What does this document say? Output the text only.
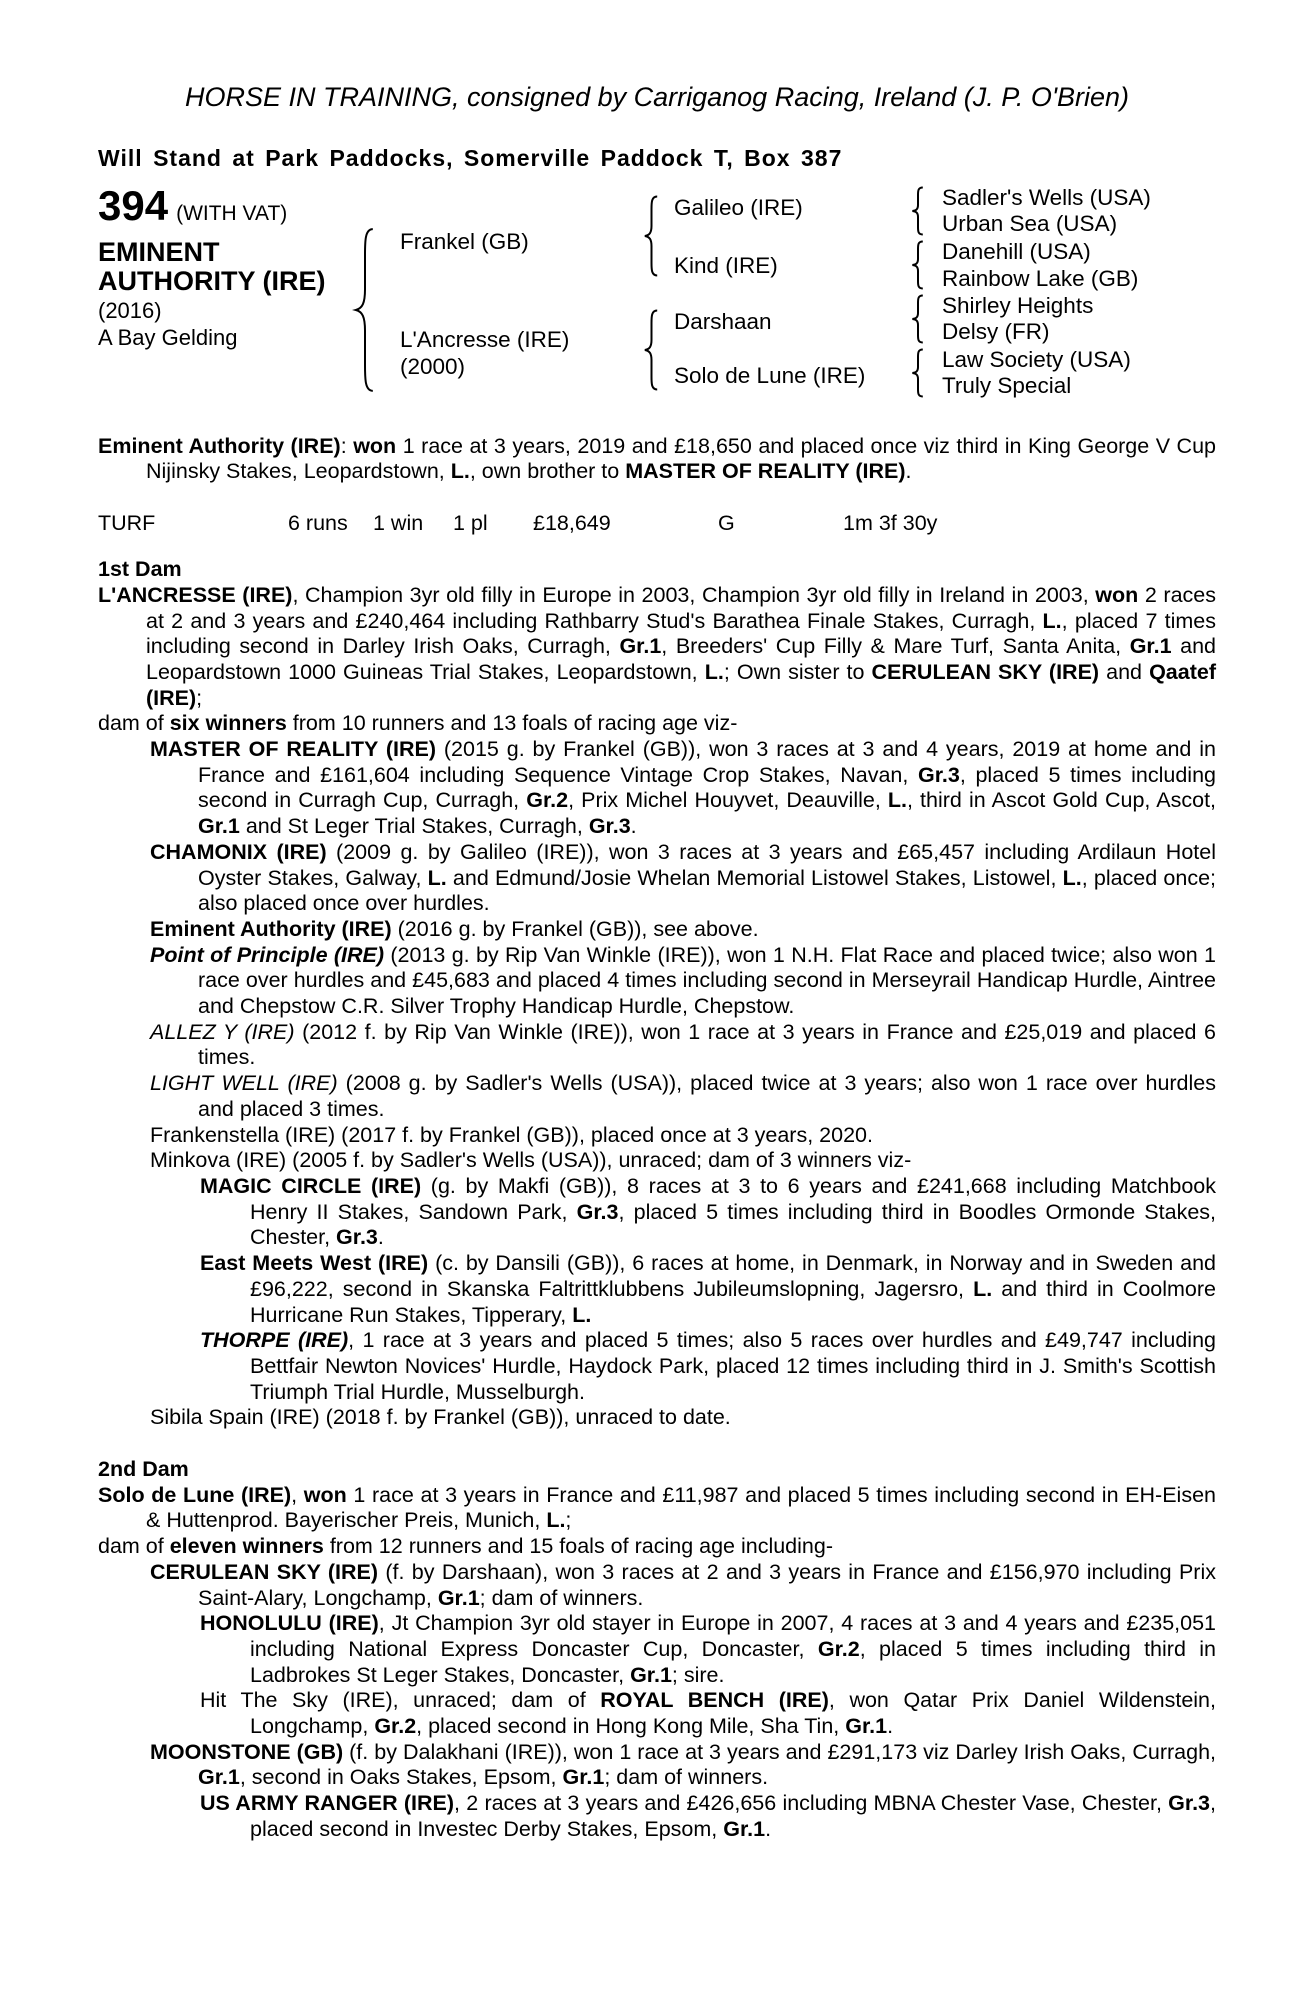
HORSE IN TRAINING, consigned by Carriganog Racing, Ireland (J. P. O'Brien)
Will Stand at Park Paddocks, Somerville Paddock T, Box 387
394 (WITH VAT)
EMINENT
AUTHORITY (IRE)
(2016)
A Bay Gelding
Frankel (GB)
L'Ancresse (IRE)
(2000)
Galileo (IRE)
Kind (IRE)
Darshaan
Solo de Lune (IRE)
Sadler's Wells (USA)
Urban Sea (USA)
Danehill (USA)
Rainbow Lake (GB)
Shirley Heights
Delsy (FR)
Law Society (USA)
Truly Special
Eminent Authority (IRE): won 1 race at 3 years, 2019 and £18,650 and placed once viz third in King George V Cup Nijinsky Stakes, Leopardstown, L., own brother to MASTER OF REALITY (IRE).
TURF	6 runs 1 win 1 pl £18,649	G	1m 3f 30y
1st Dam
L'ANCRESSE (IRE), Champion 3yr old filly in Europe in 2003, Champion 3yr old filly in Ireland in 2003, won 2 races at 2 and 3 years and £240,464 including Rathbarry Stud's Barathea Finale Stakes, Curragh, L., placed 7 times including second in Darley Irish Oaks, Curragh, Gr.1, Breeders' Cup Filly & Mare Turf, Santa Anita, Gr.1 and Leopardstown 1000 Guineas Trial Stakes, Leopardstown, L.; Own sister to CERULEAN SKY (IRE) and Qaatef (IRE);
dam of six winners from 10 runners and 13 foals of racing age viz-
MASTER OF REALITY (IRE) (2015 g. by Frankel (GB)), won 3 races at 3 and 4 years, 2019 at home and in France and £161,604 including Sequence Vintage Crop Stakes, Navan, Gr.3, placed 5 times including second in Curragh Cup, Curragh, Gr.2, Prix Michel Houyvet, Deauville, L., third in Ascot Gold Cup, Ascot, Gr.1 and St Leger Trial Stakes, Curragh, Gr.3.
CHAMONIX (IRE) (2009 g. by Galileo (IRE)), won 3 races at 3 years and £65,457 including Ardilaun Hotel Oyster Stakes, Galway, L. and Edmund/Josie Whelan Memorial Listowel Stakes, Listowel, L., placed once; also placed once over hurdles.
Eminent Authority (IRE) (2016 g. by Frankel (GB)), see above.
Point of Principle (IRE) (2013 g. by Rip Van Winkle (IRE)), won 1 N.H. Flat Race and placed twice; also won 1 race over hurdles and £45,683 and placed 4 times including second in Merseyrail Handicap Hurdle, Aintree and Chepstow C.R. Silver Trophy Handicap Hurdle, Chepstow.
ALLEZ Y (IRE) (2012 f. by Rip Van Winkle (IRE)), won 1 race at 3 years in France and £25,019 and placed 6 times.
LIGHT WELL (IRE) (2008 g. by Sadler's Wells (USA)), placed twice at 3 years; also won 1 race over hurdles and placed 3 times.
Frankenstella (IRE) (2017 f. by Frankel (GB)), placed once at 3 years, 2020.
Minkova (IRE) (2005 f. by Sadler's Wells (USA)), unraced; dam of 3 winners viz-
MAGIC CIRCLE (IRE) (g. by Makfi (GB)), 8 races at 3 to 6 years and £241,668 including Matchbook Henry II Stakes, Sandown Park, Gr.3, placed 5 times including third in Boodles Ormonde Stakes, Chester, Gr.3.
East Meets West (IRE) (c. by Dansili (GB)), 6 races at home, in Denmark, in Norway and in Sweden and £96,222, second in Skanska Faltrittklubbens Jubileumslopning, Jagersro, L. and third in Coolmore Hurricane Run Stakes, Tipperary, L.
THORPE (IRE), 1 race at 3 years and placed 5 times; also 5 races over hurdles and £49,747 including Bettfair Newton Novices' Hurdle, Haydock Park, placed 12 times including third in J. Smith's Scottish Triumph Trial Hurdle, Musselburgh.
Sibila Spain (IRE) (2018 f. by Frankel (GB)), unraced to date.
2nd Dam
Solo de Lune (IRE), won 1 race at 3 years in France and £11,987 and placed 5 times including second in EH-Eisen & Huttenprod. Bayerischer Preis, Munich, L.;
dam of eleven winners from 12 runners and 15 foals of racing age including-
CERULEAN SKY (IRE) (f. by Darshaan), won 3 races at 2 and 3 years in France and £156,970 including Prix Saint-Alary, Longchamp, Gr.1; dam of winners.
HONOLULU (IRE), Jt Champion 3yr old stayer in Europe in 2007, 4 races at 3 and 4 years and £235,051 including National Express Doncaster Cup, Doncaster, Gr.2, placed 5 times including third in Ladbrokes St Leger Stakes, Doncaster, Gr.1; sire.
Hit The Sky (IRE), unraced; dam of ROYAL BENCH (IRE), won Qatar Prix Daniel Wildenstein, Longchamp, Gr.2, placed second in Hong Kong Mile, Sha Tin, Gr.1.
MOONSTONE (GB) (f. by Dalakhani (IRE)), won 1 race at 3 years and £291,173 viz Darley Irish Oaks, Curragh, Gr.1, second in Oaks Stakes, Epsom, Gr.1; dam of winners.
US ARMY RANGER (IRE), 2 races at 3 years and £426,656 including MBNA Chester Vase, Chester, Gr.3, placed second in Investec Derby Stakes, Epsom, Gr.1.
